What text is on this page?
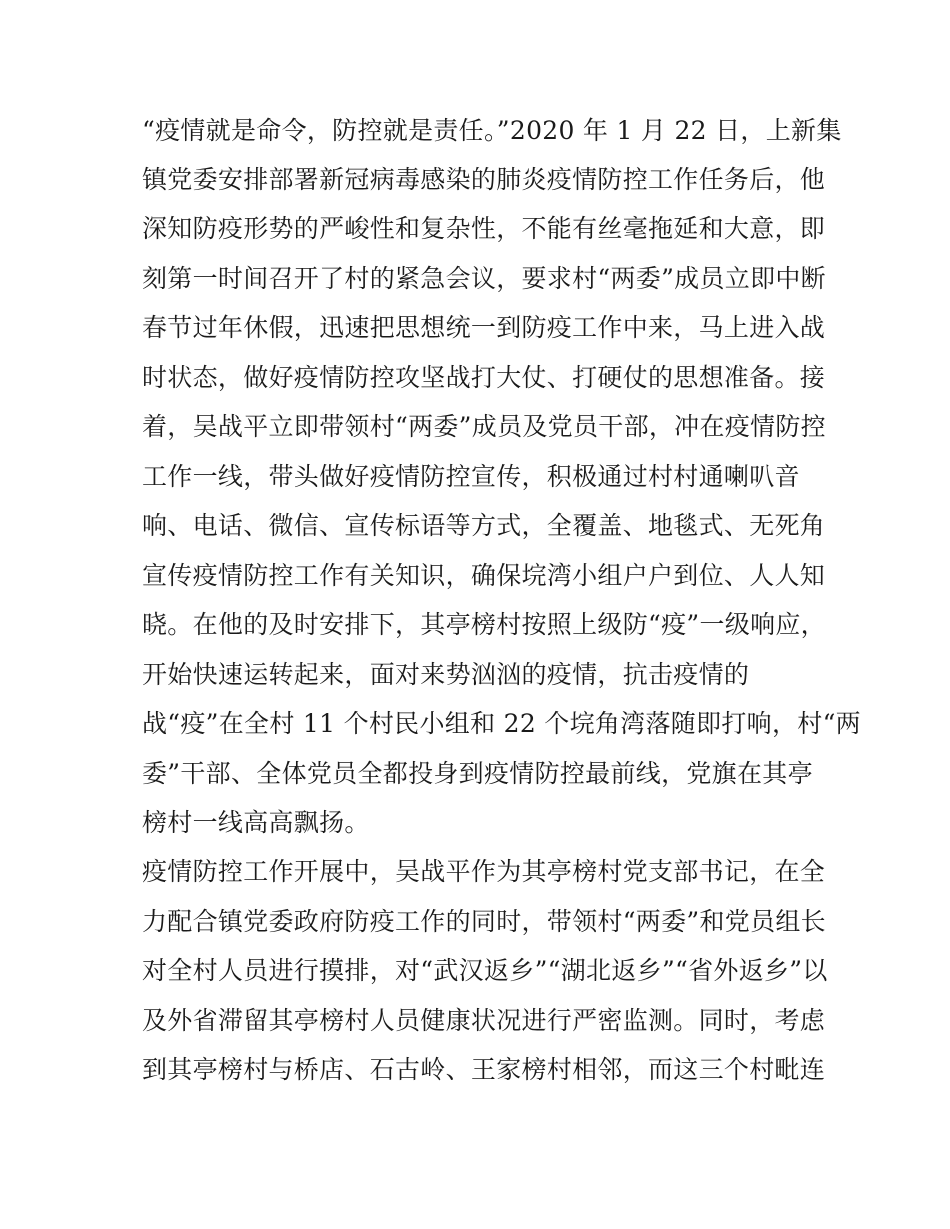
“疫情就是命令，防控就是责任。”2020 年 1 月 22 日，上新集
镇党委安排部署新冠病毒感染的肺炎疫情防控工作任务后，他
深知防疫形势的严峻性和复杂性，不能有丝毫拖延和大意，即
刻第一时间召开了村的紧急会议，要求村“两委”成员立即中断
春节过年休假，迅速把思想统一到防疫工作中来，马上进入战
时状态，做好疫情防控攻坚战打大仗、打硬仗的思想准备。接
着，吴战平立即带领村“两委”成员及党员干部，冲在疫情防控
工作一线，带头做好疫情防控宣传，积极通过村村通喇叭音
响、电话、微信、宣传标语等方式，全覆盖、地毯式、无死角
宣传疫情防控工作有关知识，确保垸湾小组户户到位、人人知
晓。在他的及时安排下，其亭榜村按照上级防“疫”一级响应，
开始快速运转起来，面对来势汹汹的疫情，抗击疫情的
战“疫”在全村 11 个村民小组和 22 个垸角湾落随即打响，村“两
委”干部、全体党员全都投身到疫情防控最前线，党旗在其亭
榜村一线高高飘扬。
疫情防控工作开展中，吴战平作为其亭榜村党支部书记，在全
力配合镇党委政府防疫工作的同时，带领村“两委”和党员组长
对全村人员进行摸排，对“武汉返乡”“湖北返乡”“省外返乡”以
及外省滞留其亭榜村人员健康状况进行严密监测。同时，考虑
到其亭榜村与桥店、石古岭、王家榜村相邻，而这三个村毗连
